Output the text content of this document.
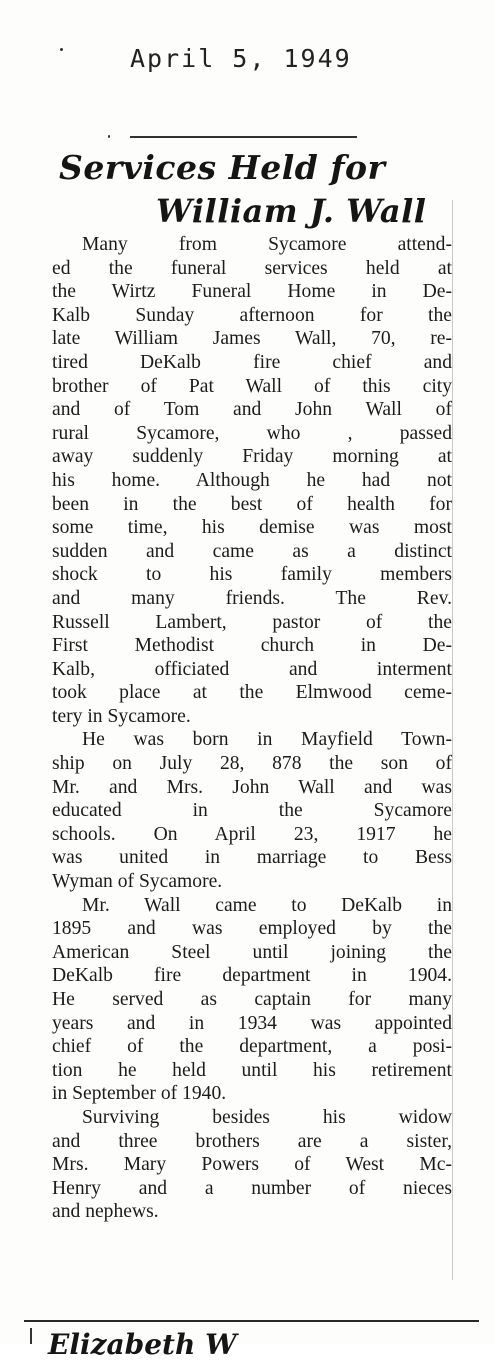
April 5, 1949
Services Held for
William J. Wall
Many from Sycamore attend-
ed the funeral services held at
the Wirtz Funeral Home in De-
Kalb Sunday afternoon for the
late William James Wall, 70, re-
tired DeKalb fire chief and
brother of Pat Wall of this city
and of Tom and John Wall of
rural Sycamore, who , passed
away suddenly Friday morning at
his home. Although he had not
been in the best of health for
some time, his demise was most
sudden and came as a distinct
shock to his family members
and many friends. The Rev.
Russell Lambert, pastor of the
First Methodist church in De-
Kalb, officiated and interment
took place at the Elmwood ceme-
tery in Sycamore.
He was born in Mayfield Town-
ship on July 28, 878 the son of
Mr. and Mrs. John Wall and was
educated in the Sycamore
schools. On April 23, 1917 he
was united in marriage to Bess
Wyman of Sycamore.
Mr. Wall came to DeKalb in
1895 and was employed by the
American Steel until joining the
DeKalb fire department in 1904.
He served as captain for many
years and in 1934 was appointed
chief of the department, a posi-
tion he held until his retirement
in September of 1940.
Surviving besides his widow
and three brothers are a sister,
Mrs. Mary Powers of West Mc-
Henry and a number of nieces
and nephews.
Elizabeth W
